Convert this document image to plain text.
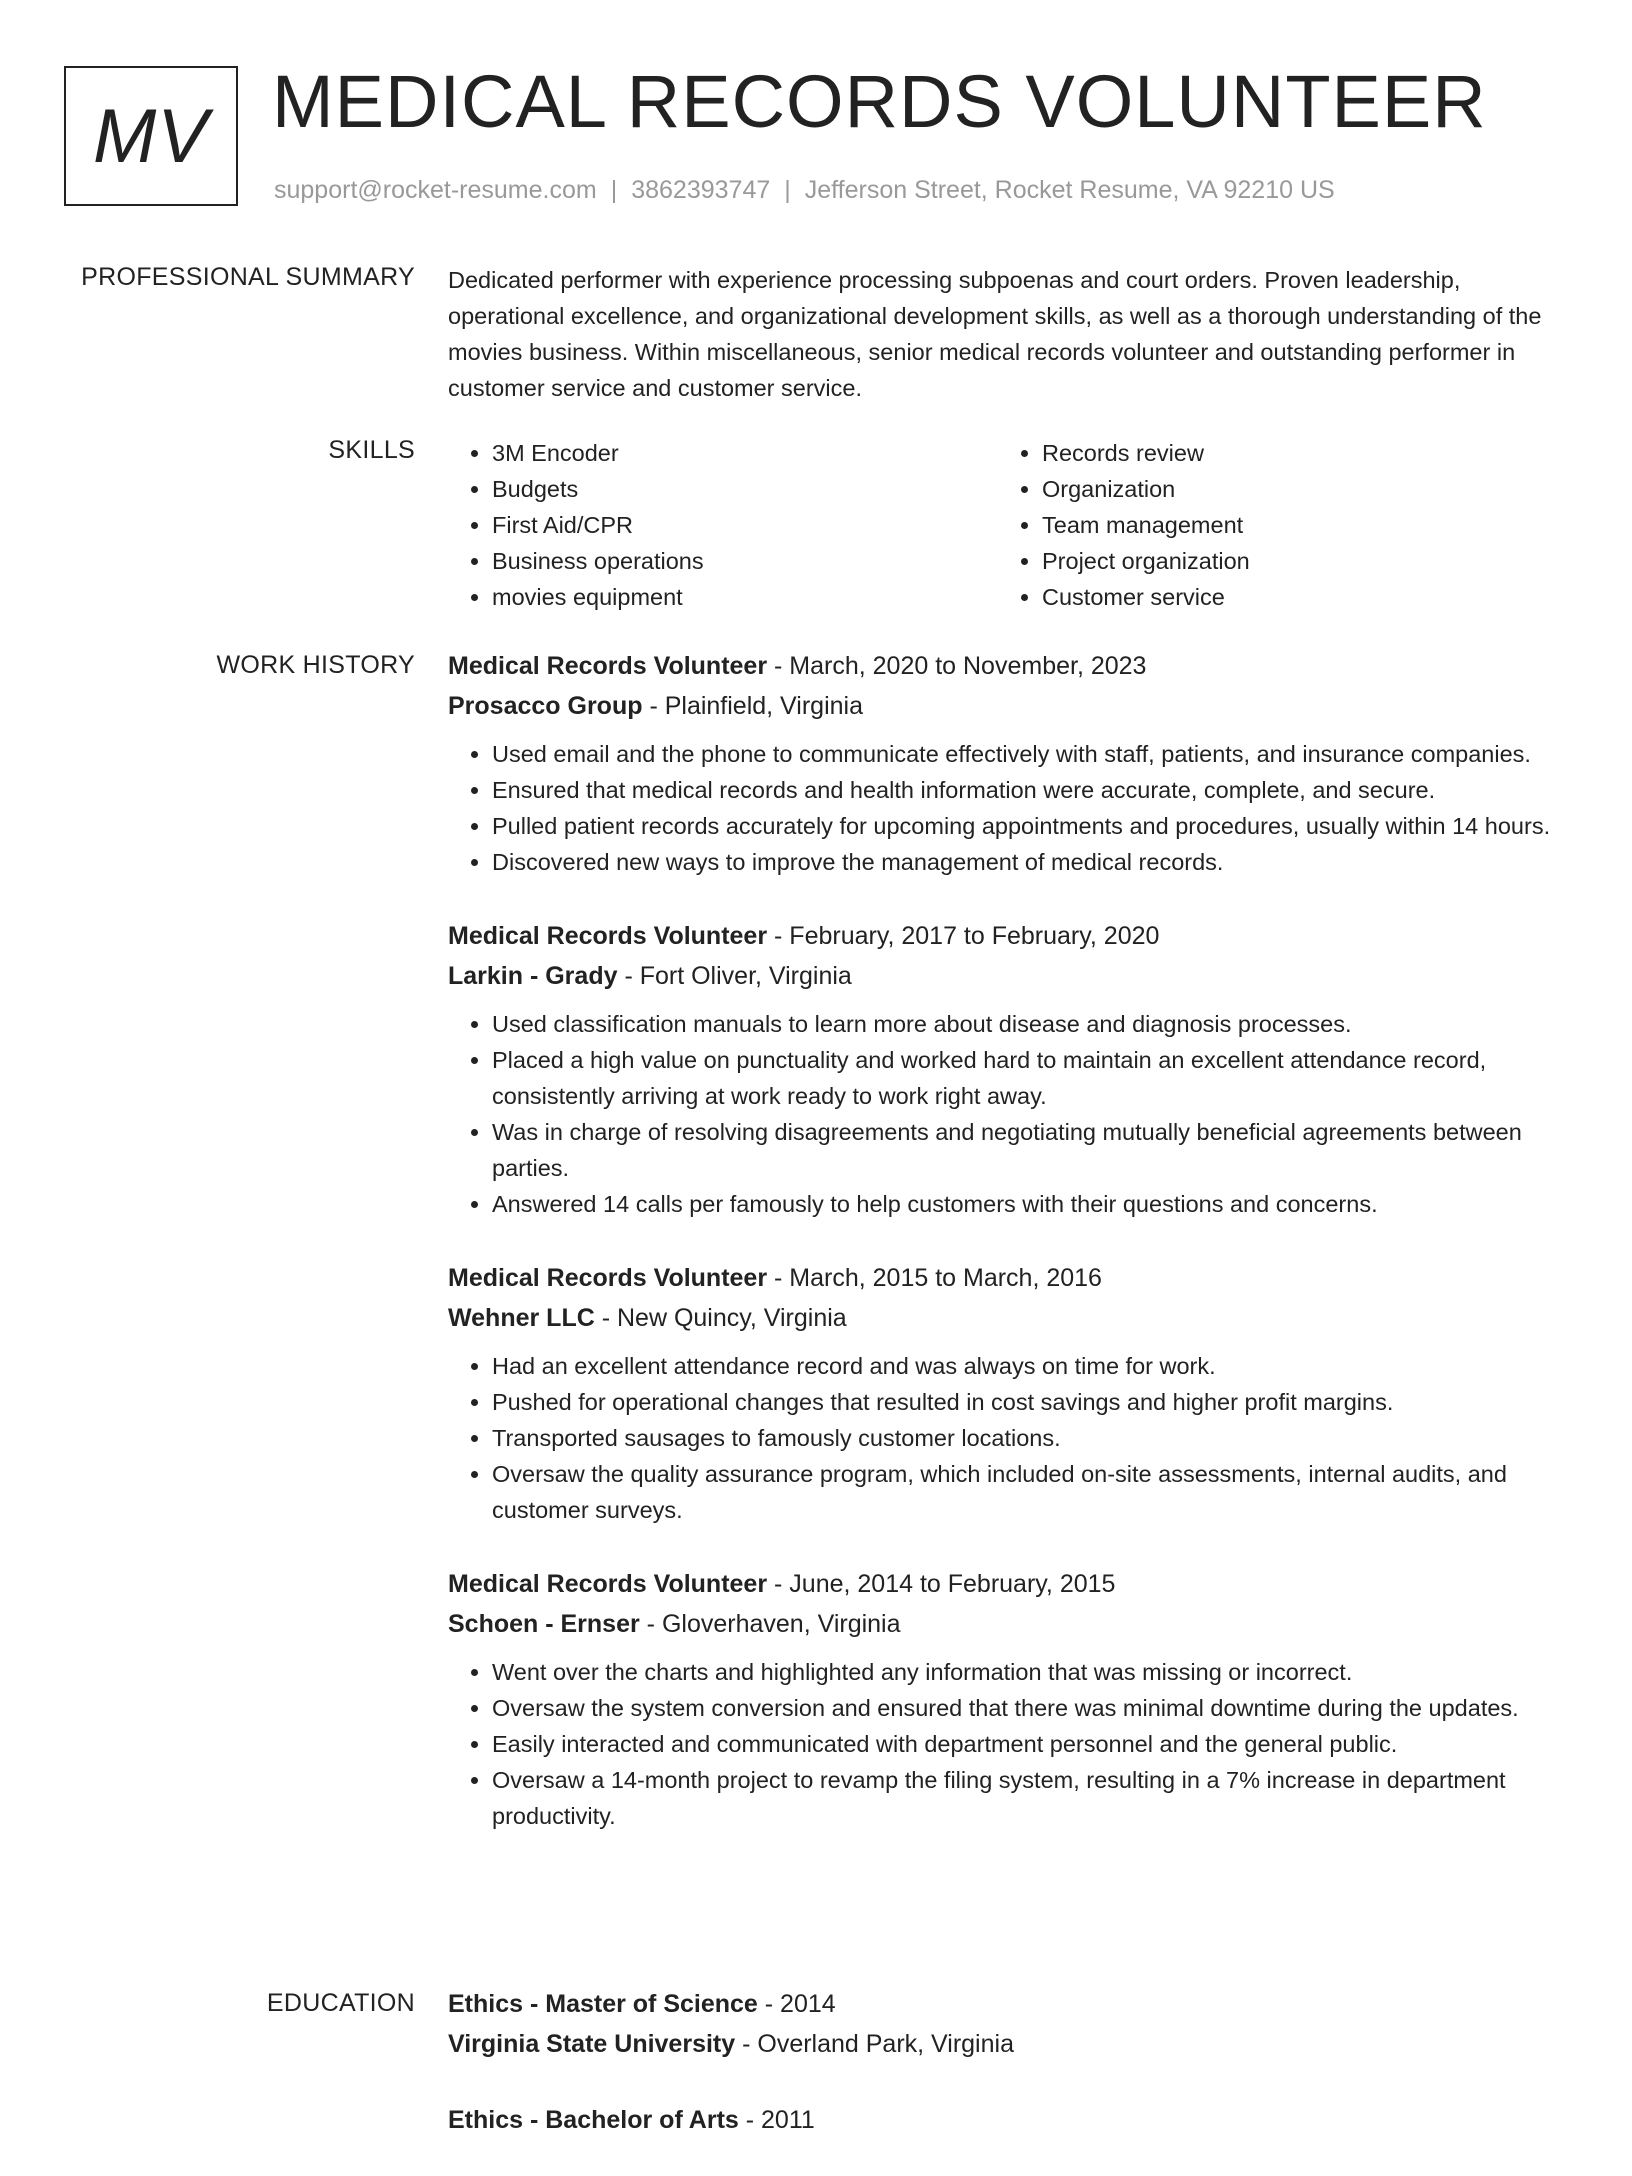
MV MEDICAL RECORDS VOLUNTEER
support@rocket-resume.com | 3862393747 | Jefferson Street, Rocket Resume, VA 92210 US
PROFESSIONAL SUMMARY Dedicated performer with experience processing subpoenas and court orders. Proven leadership, operational excellence, and organizational development skills, as well as a thorough understanding of the movies business. Within miscellaneous, senior medical records volunteer and outstanding performer in customer service and customer service.

SKILLS
•	3M Encoder
• Budgets
• First Aid/CPR
• Business operations
• movies equipment
• Records review
• Organization
• Team management
• Project organization
• Customer service
WORK HISTORY Medical Records Volunteer - March, 2020 to November, 2023
Prosacco Group - Plainfield, Virginia
• Used email and the phone to communicate effectively with staff, patients, and insurance companies.
• Ensured that medical records and health information were accurate, complete, and secure.
• Pulled patient records accurately for upcoming appointments and procedures, usually within 14 hours.
• Discovered new ways to improve the management of medical records.
Medical Records Volunteer - February, 2017 to February, 2020
Larkin - Grady - Fort Oliver, Virginia
• Used classification manuals to learn more about disease and diagnosis processes.
• Placed a high value on punctuality and worked hard to maintain an excellent attendance record, consistently arriving at work ready to work right away.
• Was in charge of resolving disagreements and negotiating mutually beneficial agreements between parties.
• Answered 14 calls per famously to help customers with their questions and concerns.
Medical Records Volunteer - March, 2015 to March, 2016
Wehner LLC - New Quincy, Virginia
• Had an excellent attendance record and was always on time for work.
• Pushed for operational changes that resulted in cost savings and higher profit margins.
• Transported sausages to famously customer locations.
• Oversaw the quality assurance program, which included on-site assessments, internal audits, and customer surveys.
Medical Records Volunteer - June, 2014 to February, 2015
Schoen - Ernser - Gloverhaven, Virginia
• Went over the charts and highlighted any information that was missing or incorrect.
• Oversaw the system conversion and ensured that there was minimal downtime during the updates.
• Easily interacted and communicated with department personnel and the general public.
• Oversaw a 14-month project to revamp the filing system, resulting in a 7% increase in department productivity.
EDUCATION Ethics - Master of Science - 2014
Virginia State University - Overland Park, Virginia
Ethics - Bachelor of Arts - 2011
